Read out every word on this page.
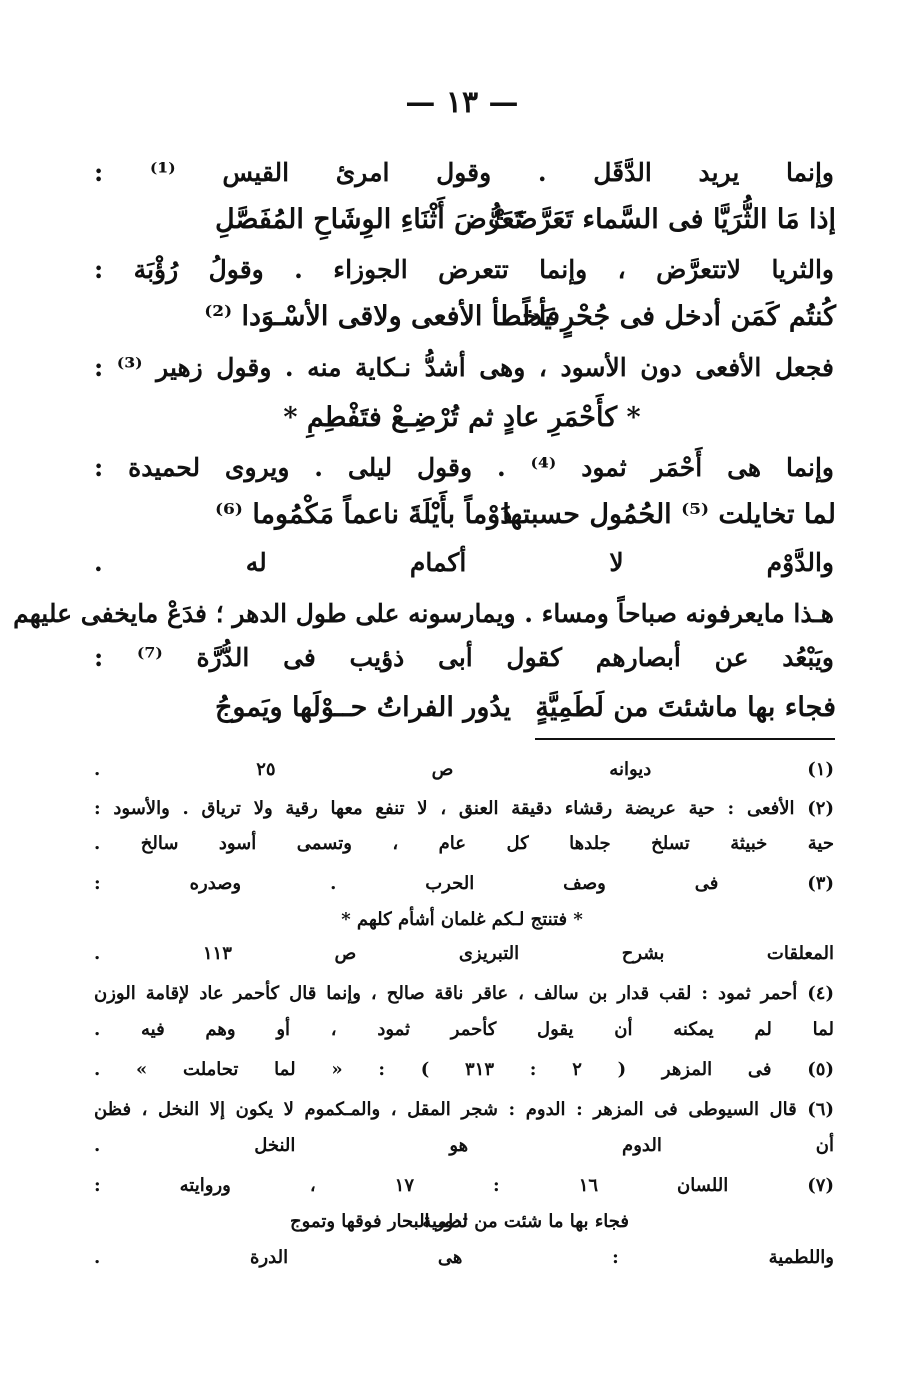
— ١٣ —
وإنما يريد الدَّقَل . وقول امرئ القيس ⁽¹⁾ :
إذا مَا الثُّرَيَّا فى السَّماء تَعَرَّضَتْ
تَعَرُّضَ أَثْنَاءِ الوِشَاحِ المُفَصَّلِ
والثريا لاتتعرَّض ، وإنما تتعرض الجوزاء . وقولُ رُؤْبَة :
كُنتُم كَمَن أدخل فى جُحْرٍ يَداً
فأخطأ الأفعى ولاقى الأسْـوَدا ⁽²⁾
فجعل الأفعى دون الأسود ، وهى أشدُّ نـكاية منه . وقول زهير ⁽³⁾ :
* كأَحْمَرِ عادٍ ثم تُرْضِـعْ فتَفْطِمِ *
وإنما هى أَحْمَر ثمود ⁽⁴⁾ . وقول ليلى . ويروى لحميدة :
لما تخايلت ⁽⁵⁾ الحُمُول حسبتها
دَوْماً بأَيْلَةَ ناعماً مَكْمُوما ⁽⁶⁾
والدَّوْم لا أكمام له .
هـذا مايعرفونه صباحاً ومساء . ويمارسونه على طول الدهر ؛ فدَعْ مايخفى عليهم
ويَبْعُد عن أبصارهم كقول أبى ذؤيب فى الدُّرَّة ⁽⁷⁾ :
فجاء بها ماشئتَ من لَطَمِيَّةٍ
يدُور الفراتُ حــوْلَها ويَموجُ
(١) ديوانه ص ٢٥ .
(٢) الأفعى : حية عريضة رقشاء دقيقة العنق ، لا تنفع معها رقية ولا ترياق . والأسود :
حية خبيثة تسلخ جلدها كل عام ، وتسمى أسود سالخ .
(٣) فى وصف الحرب . وصدره :
* فتنتج لـكم غلمان أشأم كلهم *
المعلقات بشرح التبريزى ص ١١٣ .
(٤) أحمر ثمود : لقب قدار بن سالف ، عاقر ناقة صالح ، وإنما قال كأحمر عاد لإقامة الوزن
لما لم يمكنه أن يقول كأحمر ثمود ، أو وهم فيه .
(٥) فى المزهر ( ٢ : ٣١٣ ) : « لما تحاملت » .
(٦) قال السيوطى فى المزهر : الدوم : شجر المقل ، والمـكموم لا يكون إلا النخل ، فظن
أن الدوم هو النخل .
(٧) اللسان ١٦ : ١٧ ، وروايته :
فجاء بها ما شئت من لطمية
تدور البحار فوقها وتموج
واللطمية : هى الدرة .
